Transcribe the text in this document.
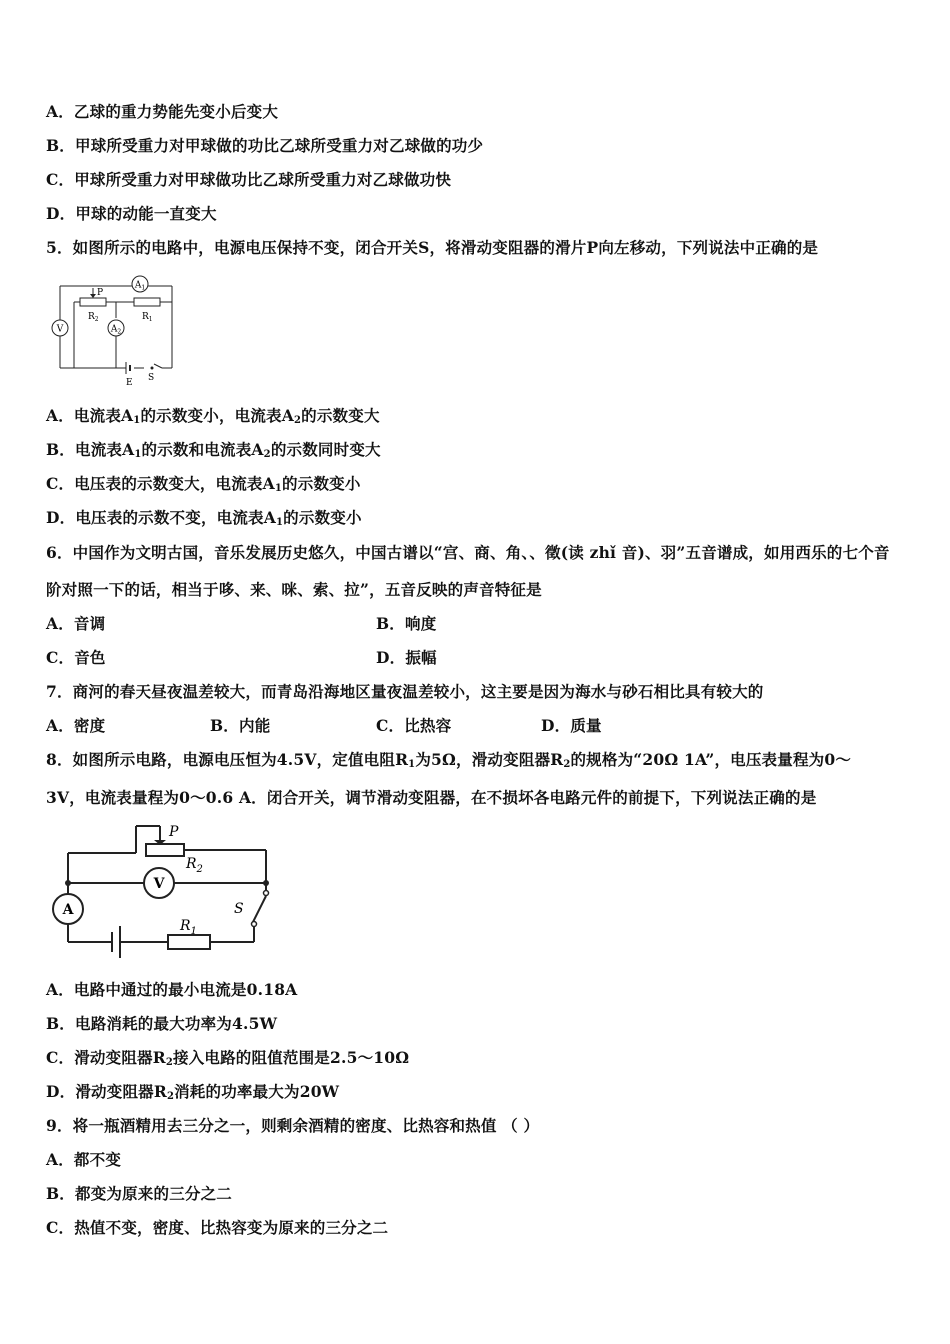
A．乙球的重力势能先变小后变大
B．甲球所受重力对甲球做的功比乙球所受重力对乙球做的功少
C．甲球所受重力对甲球做功比乙球所受重力对乙球做功快
D．甲球的动能一直变大
5．如图所示的电路中，电源电压保持不变，闭合开关S，将滑动变阻器的滑片P向左移动，下列说法中正确的是
$A_1$
$A_2$
V
P
$R_2$	$R_1$
E S
A．电流表$A_1$的示数变小，电流表$A_2$的示数变大
B．电流表$A_1$的示数和电流表$A_2$的示数同时变大
C．电压表的示数变大，电流表$A_1$的示数变小
D．电压表的示数不变，电流表$A_1$的示数变小
6．中国作为文明古国，音乐发展历史悠久，中国古谱以“宫、商、角、、徵(读 zhǐ 音)、羽”五音谱成，如用西乐的七个音
阶对照一下的话，相当于哆、来、咪、索、拉”，五音反映的声音特征是
A．音调	B．响度
C．音色	D．振幅
7．商河的春天昼夜温差较大，而青岛沿海地区量夜温差较小，这主要是因为海水与砂石相比具有较大的
A．密度	B．内能	C．比热容	D．质量
8．如图所示电路，电源电压恒为4.5V，定值电阻$R_1$为5Ω，滑动变阻器$R_2$的规格为“20Ω 1A”，电压表量程为0～
3V，电流表量程为0～0.6 A．闭合开关，调节滑动变阻器，在不损坏各电路元件的前提下，下列说法正确的是
P
$R_2$
V
A	S
$R_1$
A．电路中通过的最小电流是0.18A
B．电路消耗的最大功率为4.5W
C．滑动变阻器$R_2$接入电路的阻值范围是2.5～10Ω
D．滑动变阻器$R_2$消耗的功率最大为20W
9．将一瓶酒精用去三分之一，则剩余酒精的密度、比热容和热值 （ ）
A．都不变
B．都变为原来的三分之二
C．热值不变，密度、比热容变为原来的三分之二
